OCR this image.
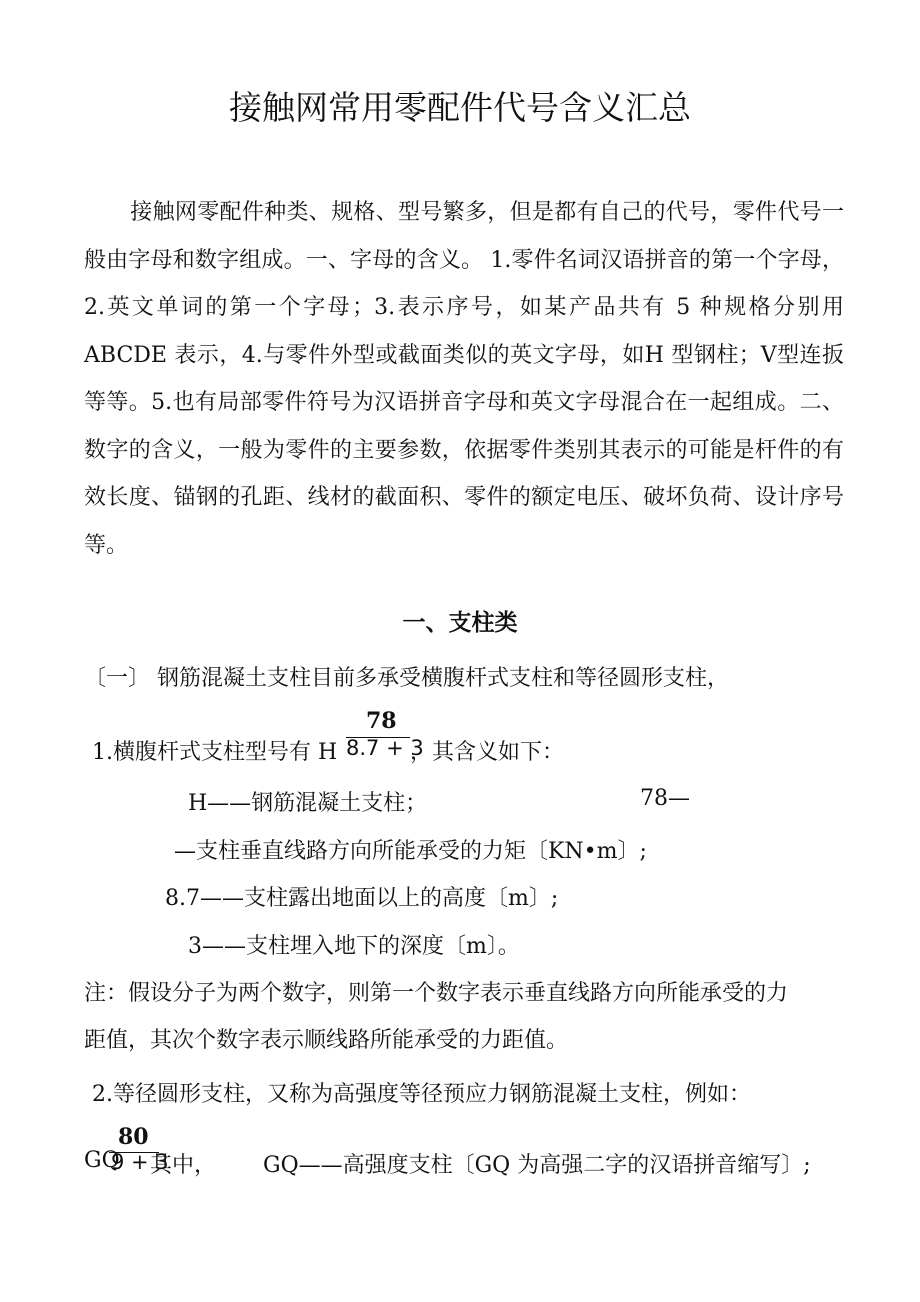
接触网常用零配件代号含义汇总
接触网零配件种类、规格、型号繁多，但是都有自己的代号，零件代号一般由字母和数字组成。一、字母的含义。 1.零件名词汉语拼音的第一个字母，2.英文单词的第一个字母；3.表示序号，如某产品共有 5 种规格分别用ABCDE 表示，4.与零件外型或截面类似的英文字母，如H 型钢柱；V型连扳等等。5.也有局部零件符号为汉语拼音字母和英文字母混合在一起组成。二、数字的含义，一般为零件的主要参数，依据零件类别其表示的可能是杆件的有效长度、锚钢的孔距、线材的截面积、零件的额定电压、破坏负荷、设计序号等。
一、支柱类
〔一〕 钢筋混凝土支柱目前多承受横腹杆式支柱和等径圆形支柱，
1.横腹杆式支柱型号有 H
78
8.7 + 3
，其含义如下：
H——钢筋混凝土支柱；	78—
—支柱垂直线路方向所能承受的力矩〔KN•m〕;
8.7——支柱露出地面以上的高度〔m〕;
3——支柱埋入地下的深度〔m〕。
注：假设分子为两个数字，则第一个数字表示垂直线路方向所能承受的力
距值，其次个数字表示顺线路所能承受的力距值。
2.等径圆形支柱，又称为高强度等径预应力钢筋混凝土支柱，例如：
GQ
80
9 + 3
其中， GQ——高强度支柱〔GQ 为高强二字的汉语拼音缩写〕;
